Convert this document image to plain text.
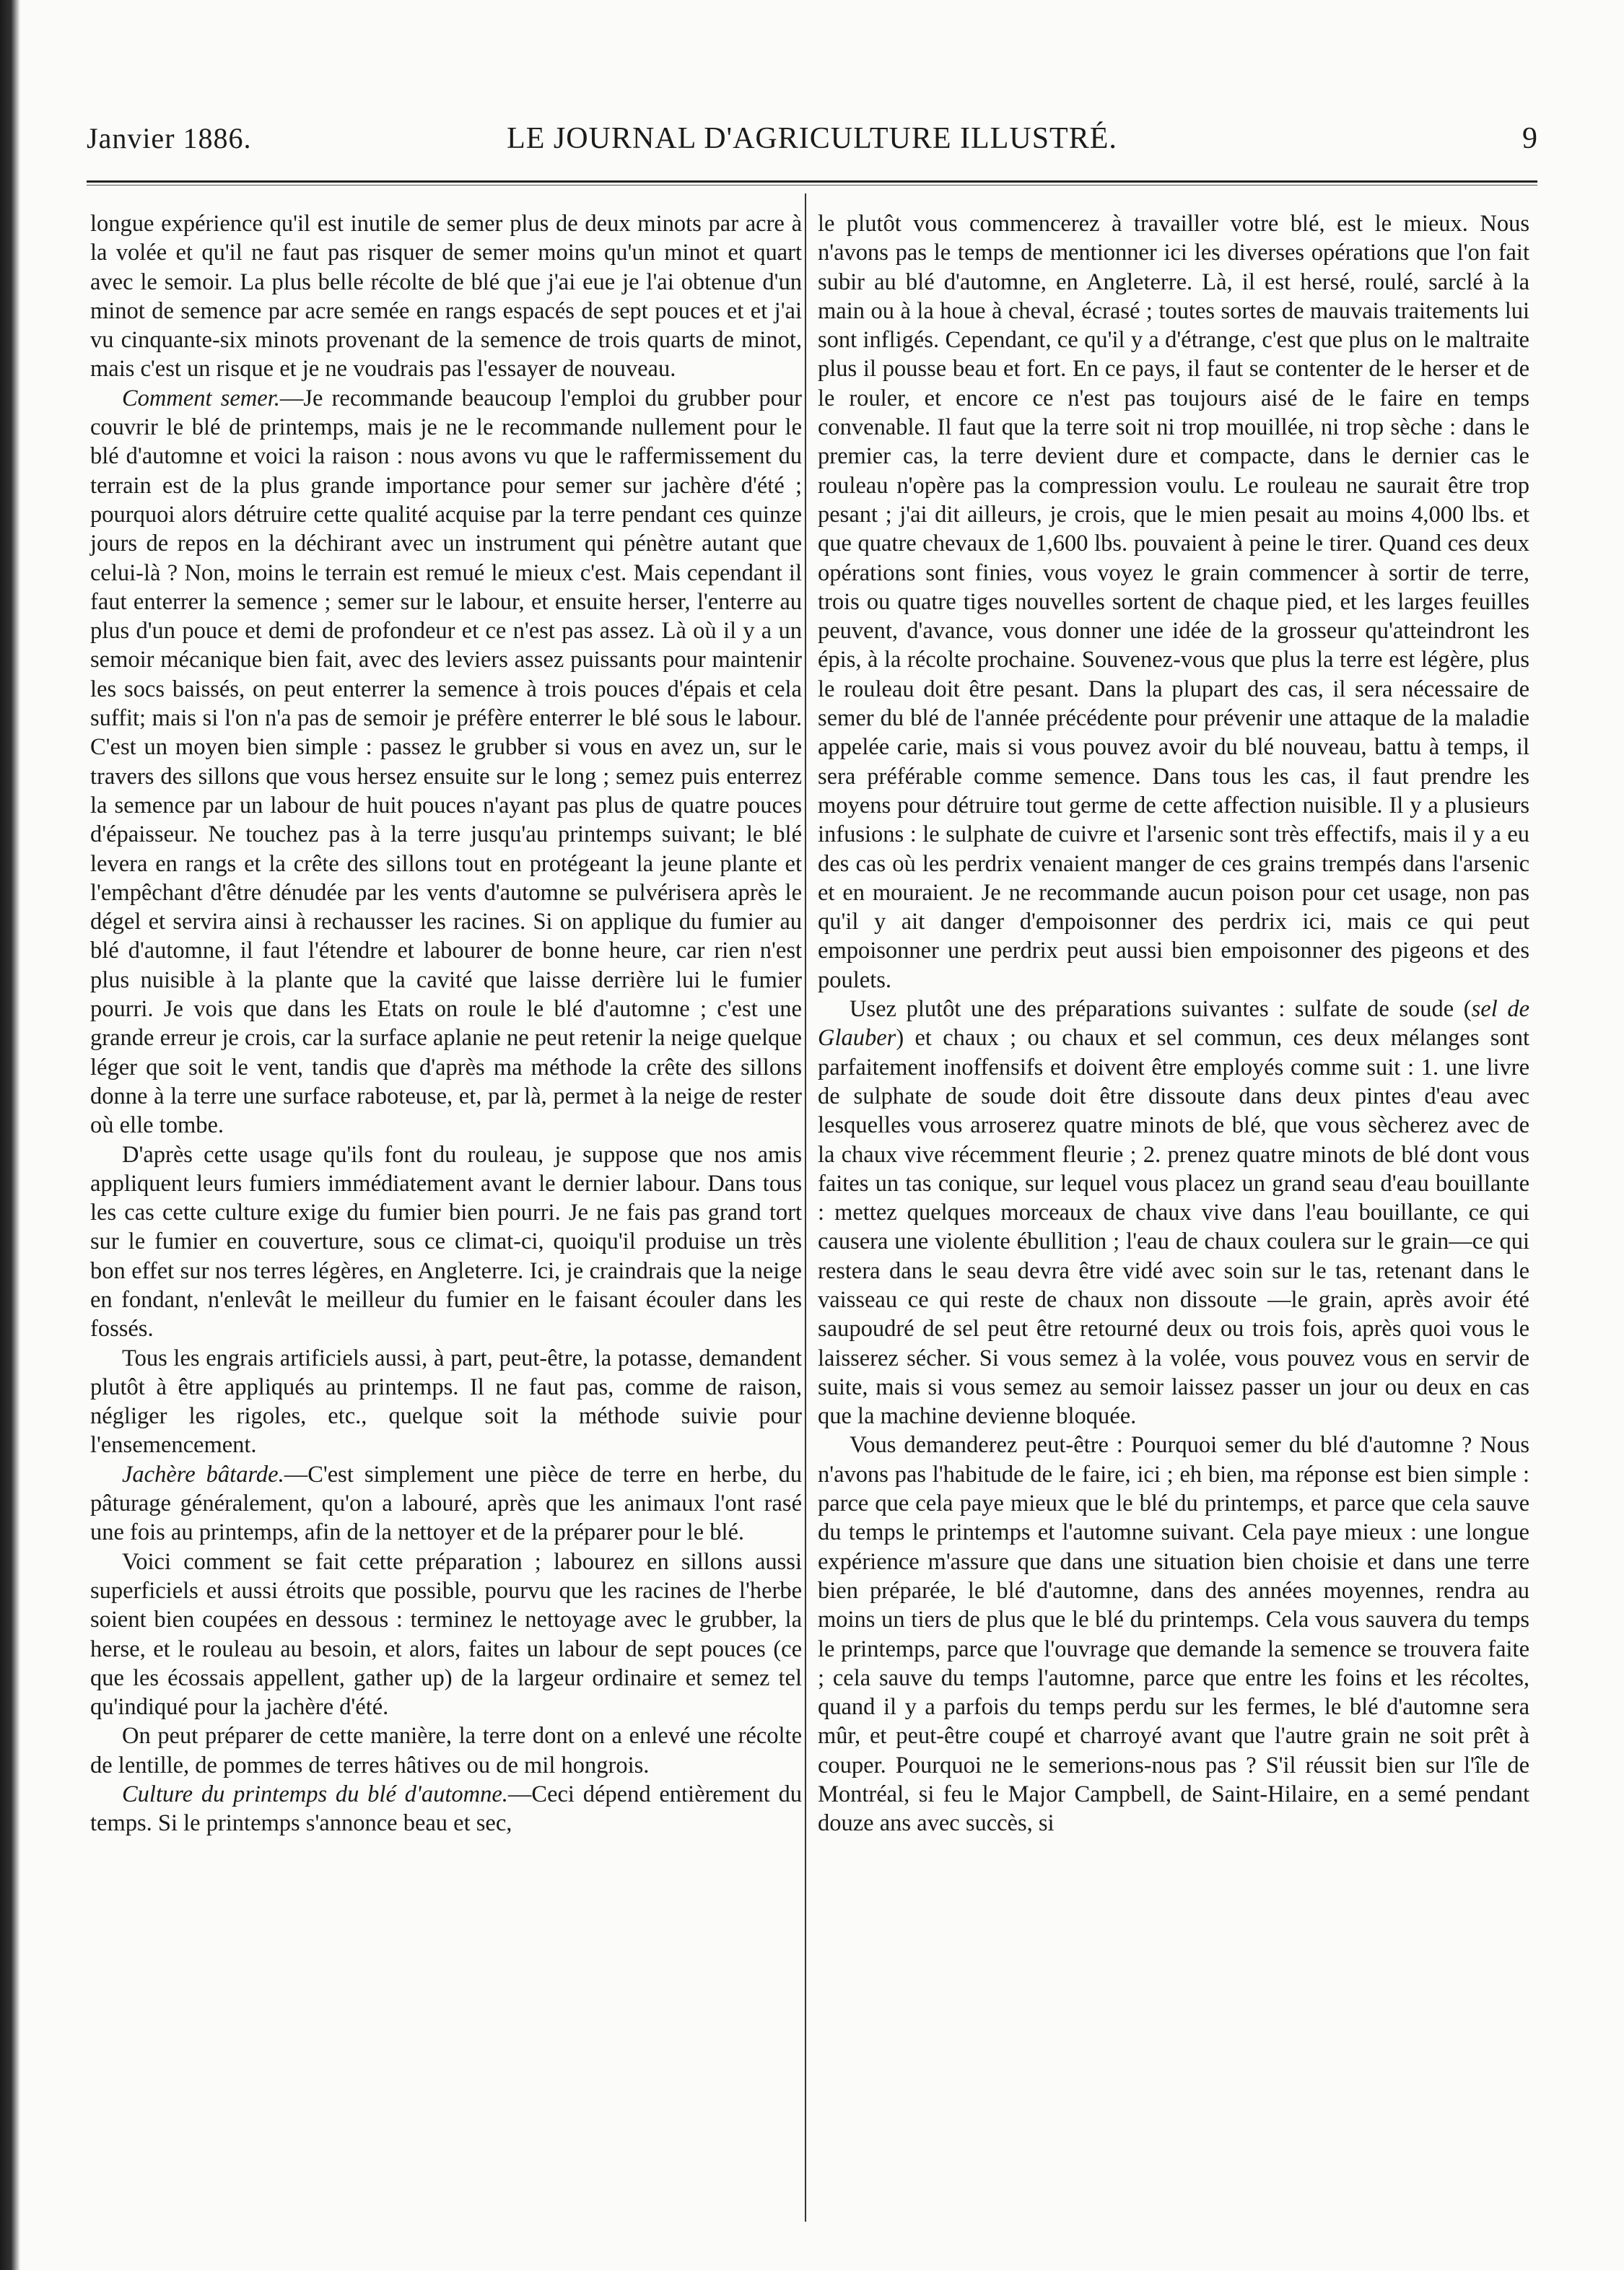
Janvier 1886.	LE JOURNAL D'AGRICULTURE ILLUSTRÉ.	9

longue expérience qu'il est inutile de semer plus de deux minots par acre à la volée et qu'il ne faut pas risquer de semer moins qu'un minot et quart avec le semoir. La plus belle récolte de blé que j'ai eue je l'ai obtenue d'un minot de semence par acre semée en rangs espacés de sept pouces et et j'ai vu cinquante-six minots provenant de la semence de trois quarts de minot, mais c'est un risque et je ne voudrais pas l'essayer de nouveau.

Comment semer.—Je recommande beaucoup l'emploi du grubber pour couvrir le blé de printemps, mais je ne le recommande nullement pour le blé d'automne et voici la raison : nous avons vu que le raffermissement du terrain est de la plus grande importance pour semer sur jachère d'été ; pourquoi alors détruire cette qualité acquise par la terre pendant ces quinze jours de repos en la déchirant avec un instrument qui pénètre autant que celui-là ? Non, moins le terrain est remué le mieux c'est. Mais cependant il faut enterrer la semence ; semer sur le labour, et ensuite herser, l'enterre au plus d'un pouce et demi de profondeur et ce n'est pas assez. Là où il y a un semoir mécanique bien fait, avec des leviers assez puissants pour maintenir les socs baissés, on peut enterrer la semence à trois pouces d'épais et cela suffit; mais si l'on n'a pas de semoir je préfère enterrer le blé sous le labour. C'est un moyen bien simple : passez le grubber si vous en avez un, sur le travers des sillons que vous hersez ensuite sur le long ; semez puis enterrez la semence par un labour de huit pouces n'ayant pas plus de quatre pouces d'épaisseur. Ne touchez pas à la terre jusqu'au printemps suivant; le blé levera en rangs et la crête des sillons tout en protégeant la jeune plante et l'empêchant d'être dénudée par les vents d'automne se pulvérisera après le dégel et servira ainsi à rechausser les racines. Si on applique du fumier au blé d'automne, il faut l'étendre et labourer de bonne heure, car rien n'est plus nuisible à la plante que la cavité que laisse derrière lui le fumier pourri. Je vois que dans les Etats on roule le blé d'automne ; c'est une grande erreur je crois, car la surface aplanie ne peut retenir la neige quelque léger que soit le vent, tandis que d'après ma méthode la crête des sillons donne à la terre une surface raboteuse, et, par là, permet à la neige de rester où elle tombe.

D'après cette usage qu'ils font du rouleau, je suppose que nos amis appliquent leurs fumiers immédiatement avant le dernier labour. Dans tous les cas cette culture exige du fumier bien pourri. Je ne fais pas grand tort sur le fumier en couverture, sous ce climat-ci, quoiqu'il produise un très bon effet sur nos terres légères, en Angleterre. Ici, je craindrais que la neige en fondant, n'enlevât le meilleur du fumier en le faisant écouler dans les fossés.

Tous les engrais artificiels aussi, à part, peut-être, la potasse, demandent plutôt à être appliqués au printemps. Il ne faut pas, comme de raison, négliger les rigoles, etc., quelque soit la méthode suivie pour l'ensemencement.

Jachère bâtarde.—C'est simplement une pièce de terre en herbe, du pâturage généralement, qu'on a labouré, après que les animaux l'ont rasé une fois au printemps, afin de la nettoyer et de la préparer pour le blé.

Voici comment se fait cette préparation ; labourez en sillons aussi superficiels et aussi étroits que possible, pourvu que les racines de l'herbe soient bien coupées en dessous : terminez le nettoyage avec le grubber, la herse, et le rouleau au besoin, et alors, faites un labour de sept pouces (ce que les écossais appellent, gather up) de la largeur ordinaire et semez tel qu'indiqué pour la jachère d'été.

On peut préparer de cette manière, la terre dont on a enlevé une récolte de lentille, de pommes de terres hâtives ou de mil hongrois.

Culture du printemps du blé d'automne.—Ceci dépend entièrement du temps. Si le printemps s'annonce beau et sec,

le plutôt vous commencerez à travailler votre blé, est le mieux. Nous n'avons pas le temps de mentionner ici les diverses opérations que l'on fait subir au blé d'automne, en Angleterre. Là, il est hersé, roulé, sarclé à la main ou à la houe à cheval, écrasé ; toutes sortes de mauvais traitements lui sont infligés. Cependant, ce qu'il y a d'étrange, c'est que plus on le maltraite plus il pousse beau et fort. En ce pays, il faut se contenter de le herser et de le rouler, et encore ce n'est pas toujours aisé de le faire en temps convenable. Il faut que la terre soit ni trop mouillée, ni trop sèche : dans le premier cas, la terre devient dure et compacte, dans le dernier cas le rouleau n'opère pas la compression voulu. Le rouleau ne saurait être trop pesant ; j'ai dit ailleurs, je crois, que le mien pesait au moins 4,000 lbs. et que quatre chevaux de 1,600 lbs. pouvaient à peine le tirer. Quand ces deux opérations sont finies, vous voyez le grain commencer à sortir de terre, trois ou quatre tiges nouvelles sortent de chaque pied, et les larges feuilles peuvent, d'avance, vous donner une idée de la grosseur qu'atteindront les épis, à la récolte prochaine. Souvenez-vous que plus la terre est légère, plus le rouleau doit être pesant. Dans la plupart des cas, il sera nécessaire de semer du blé de l'année précédente pour prévenir une attaque de la maladie appelée carie, mais si vous pouvez avoir du blé nouveau, battu à temps, il sera préférable comme semence. Dans tous les cas, il faut prendre les moyens pour détruire tout germe de cette affection nuisible. Il y a plusieurs infusions : le sulphate de cuivre et l'arsenic sont très effectifs, mais il y a eu des cas où les perdrix venaient manger de ces grains trempés dans l'arsenic et en mouraient. Je ne recommande aucun poison pour cet usage, non pas qu'il y ait danger d'empoisonner des perdrix ici, mais ce qui peut empoisonner une perdrix peut aussi bien empoisonner des pigeons et des poulets.

Usez plutôt une des préparations suivantes : sulfate de soude (sel de Glauber) et chaux ; ou chaux et sel commun, ces deux mélanges sont parfaitement inoffensifs et doivent être employés comme suit : 1. une livre de sulphate de soude doit être dissoute dans deux pintes d'eau avec lesquelles vous arroserez quatre minots de blé, que vous sècherez avec de la chaux vive récemment fleurie ; 2. prenez quatre minots de blé dont vous faites un tas conique, sur lequel vous placez un grand seau d'eau bouillante : mettez quelques morceaux de chaux vive dans l'eau bouillante, ce qui causera une violente ébullition ; l'eau de chaux coulera sur le grain—ce qui restera dans le seau devra être vidé avec soin sur le tas, retenant dans le vaisseau ce qui reste de chaux non dissoute —le grain, après avoir été saupoudré de sel peut être retourné deux ou trois fois, après quoi vous le laisserez sécher. Si vous semez à la volée, vous pouvez vous en servir de suite, mais si vous semez au semoir laissez passer un jour ou deux en cas que la machine devienne bloquée.

Vous demanderez peut-être : Pourquoi semer du blé d'automne ? Nous n'avons pas l'habitude de le faire, ici ; eh bien, ma réponse est bien simple : parce que cela paye mieux que le blé du printemps, et parce que cela sauve du temps le printemps et l'automne suivant. Cela paye mieux : une longue expérience m'assure que dans une situation bien choisie et dans une terre bien préparée, le blé d'automne, dans des années moyennes, rendra au moins un tiers de plus que le blé du printemps. Cela vous sauvera du temps le printemps, parce que l'ouvrage que demande la semence se trouvera faite ; cela sauve du temps l'automne, parce que entre les foins et les récoltes, quand il y a parfois du temps perdu sur les fermes, le blé d'automne sera mûr, et peut-être coupé et charroyé avant que l'autre grain ne soit prêt à couper. Pourquoi ne le semerions-nous pas ? S'il réussit bien sur l'île de Montréal, si feu le Major Campbell, de Saint-Hilaire, en a semé pendant douze ans avec succès, si
